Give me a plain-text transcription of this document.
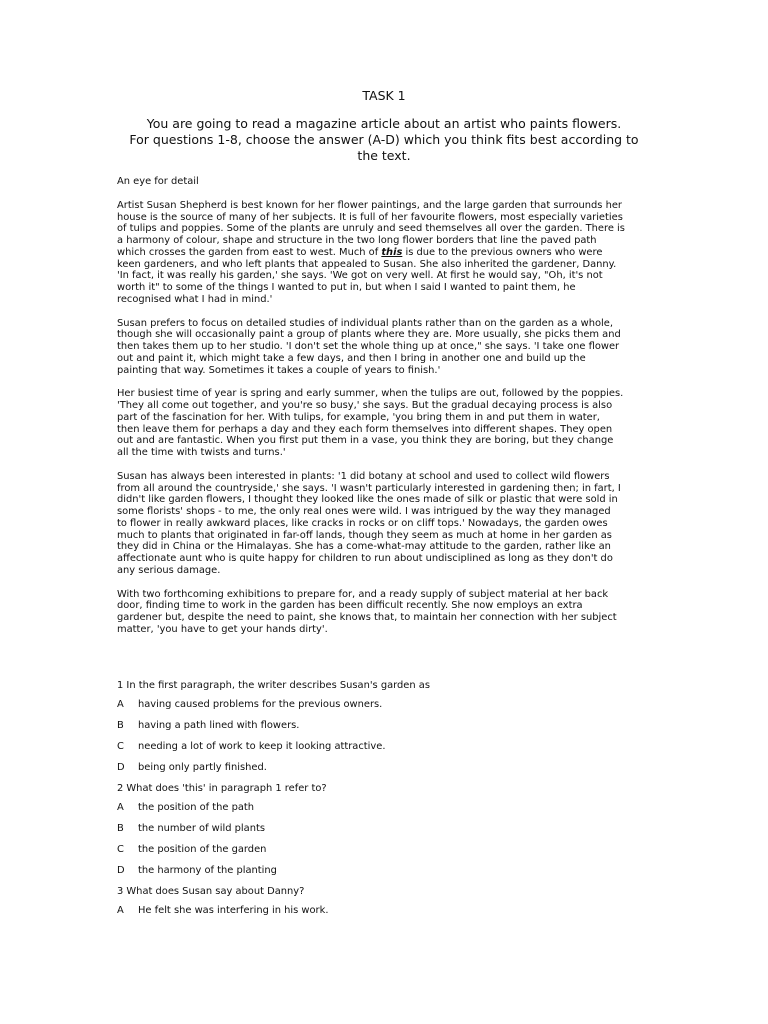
TASK 1
You are going to read a magazine article about an artist who paints flowers.
For questions 1-8, choose the answer (A-D) which you think fits best according to
the text.
An eye for detail

Artist Susan Shepherd is best known for her flower paintings, and the large garden that surrounds her
house is the source of many of her subjects. It is full of her favourite flowers, most especially varieties
of tulips and poppies. Some of the plants are unruly and seed themselves all over the garden. There is
a harmony of colour, shape and structure in the two long flower borders that line the paved path
which crosses the garden from east to west. Much of this is due to the previous owners who were
keen gardeners, and who left plants that appealed to Susan. She also inherited the gardener, Danny.
'In fact, it was really his garden,' she says. 'We got on very well. At first he would say, "Oh, it's not
worth it" to some of the things I wanted to put in, but when I said I wanted to paint them, he
recognised what I had in mind.'

Susan prefers to focus on detailed studies of individual plants rather than on the garden as a whole,
though she will occasionally paint a group of plants where they are. More usually, she picks them and
then takes them up to her studio. 'I don't set the whole thing up at once," she says. 'I take one flower
out and paint it, which might take a few days, and then I bring in another one and build up the
painting that way. Sometimes it takes a couple of years to finish.'

Her busiest time of year is spring and early summer, when the tulips are out, followed by the poppies.
'They all come out together, and you're so busy,' she says. But the gradual decaying process is also
part of the fascination for her. With tulips, for example, 'you bring them in and put them in water,
then leave them for perhaps a day and they each form themselves into different shapes. They open
out and are fantastic. When you first put them in a vase, you think they are boring, but they change
all the time with twists and turns.'

Susan has always been interested in plants: '1 did botany at school and used to collect wild flowers
from all around the countryside,' she says. 'I wasn't particularly interested in gardening then; in fart, I
didn't like garden flowers, I thought they looked like the ones made of silk or plastic that were sold in
some florists' shops - to me, the only real ones were wild. I was intrigued by the way they managed
to flower in really awkward places, like cracks in rocks or on cliff tops.' Nowadays, the garden owes
much to plants that originated in far-off lands, though they seem as much at home in her garden as
they did in China or the Himalayas. She has a come-what-may attitude to the garden, rather like an
affectionate aunt who is quite happy for children to run about undisciplined as long as they don't do
any serious damage.

With two forthcoming exhibitions to prepare for, and a ready supply of subject material at her back
door, finding time to work in the garden has been difficult recently. She now employs an extra
gardener but, despite the need to paint, she knows that, to maintain her connection with her subject
matter, 'you have to get your hands dirty'.

1 In the first paragraph, the writer describes Susan's garden as
A having caused problems for the previous owners.
B having a path lined with flowers.
C needing a lot of work to keep it looking attractive.
D being only partly finished.
2 What does 'this' in paragraph 1 refer to?
A the position of the path
B the number of wild plants
C the position of the garden
D the harmony of the planting
3 What does Susan say about Danny?
A He felt she was interfering in his work.
